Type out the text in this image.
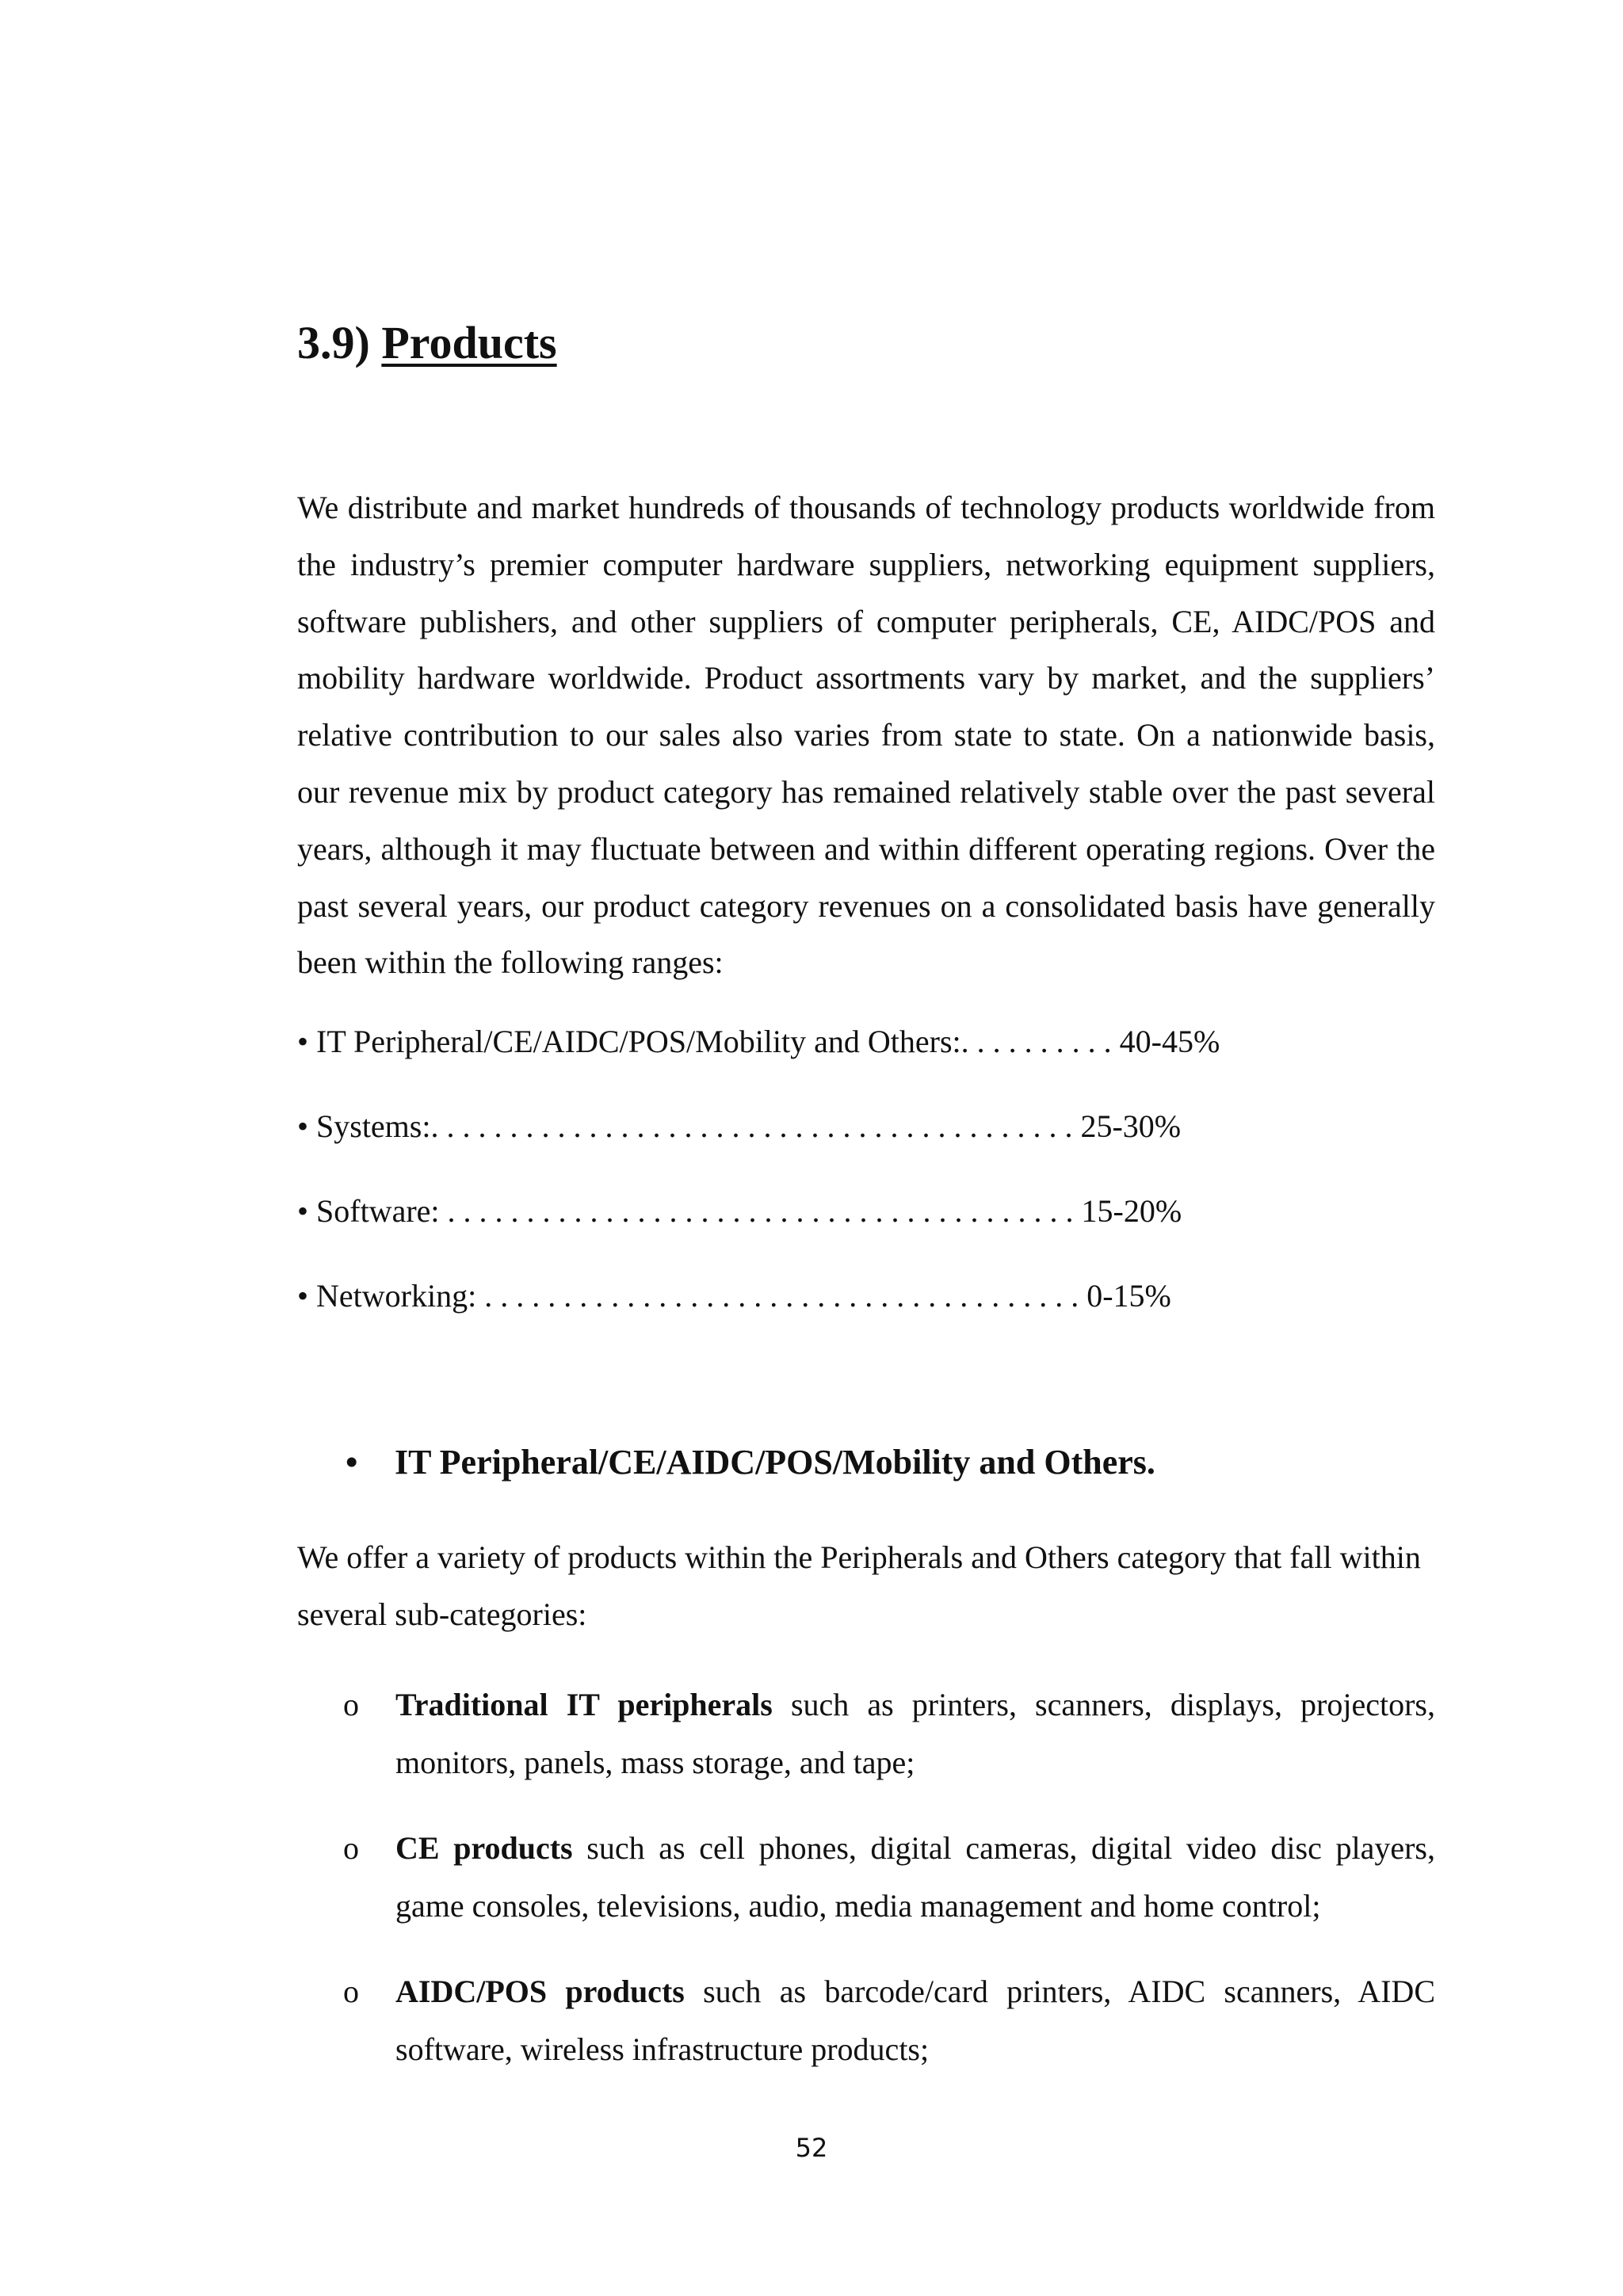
3.9) Products

We distribute and market hundreds of thousands of technology products worldwide from the industry’s premier computer hardware suppliers, networking equipment suppliers, software publishers, and other suppliers of computer peripherals, CE, AIDC/POS and mobility hardware worldwide. Product assortments vary by market, and the suppliers’ relative contribution to our sales also varies from state to state. On a nationwide basis, our revenue mix by product category has remained relatively stable over the past several years, although it may fluctuate between and within different operating regions. Over the past several years, our product category revenues on a consolidated basis have generally been within the following ranges:

• IT Peripheral/CE/AIDC/POS/Mobility and Others:. . . . . . . . . . 40-45%

• Systems:. . . . . . . . . . . . . . . . . . . . . . . . . . . . . . . . . . . . . . . . . 25-30%

• Software: . . . . . . . . . . . . . . . . . . . . . . . . . . . . . . . . . . . . . . . . 15-20%

• Networking: . . . . . . . . . . . . . . . . . . . . . . . . . . . . . . . . . . . . . . 0-15%

• IT Peripheral/CE/AIDC/POS/Mobility and Others.

We offer a variety of products within the Peripherals and Others category that fall within several sub-categories:

o	Traditional IT peripherals such as printers, scanners, displays, projectors, monitors, panels, mass storage, and tape;

o	CE products such as cell phones, digital cameras, digital video disc players, game consoles, televisions, audio, media management and home control;

o	AIDC/POS products such as barcode/card printers, AIDC scanners, AIDC software, wireless infrastructure products;

52
